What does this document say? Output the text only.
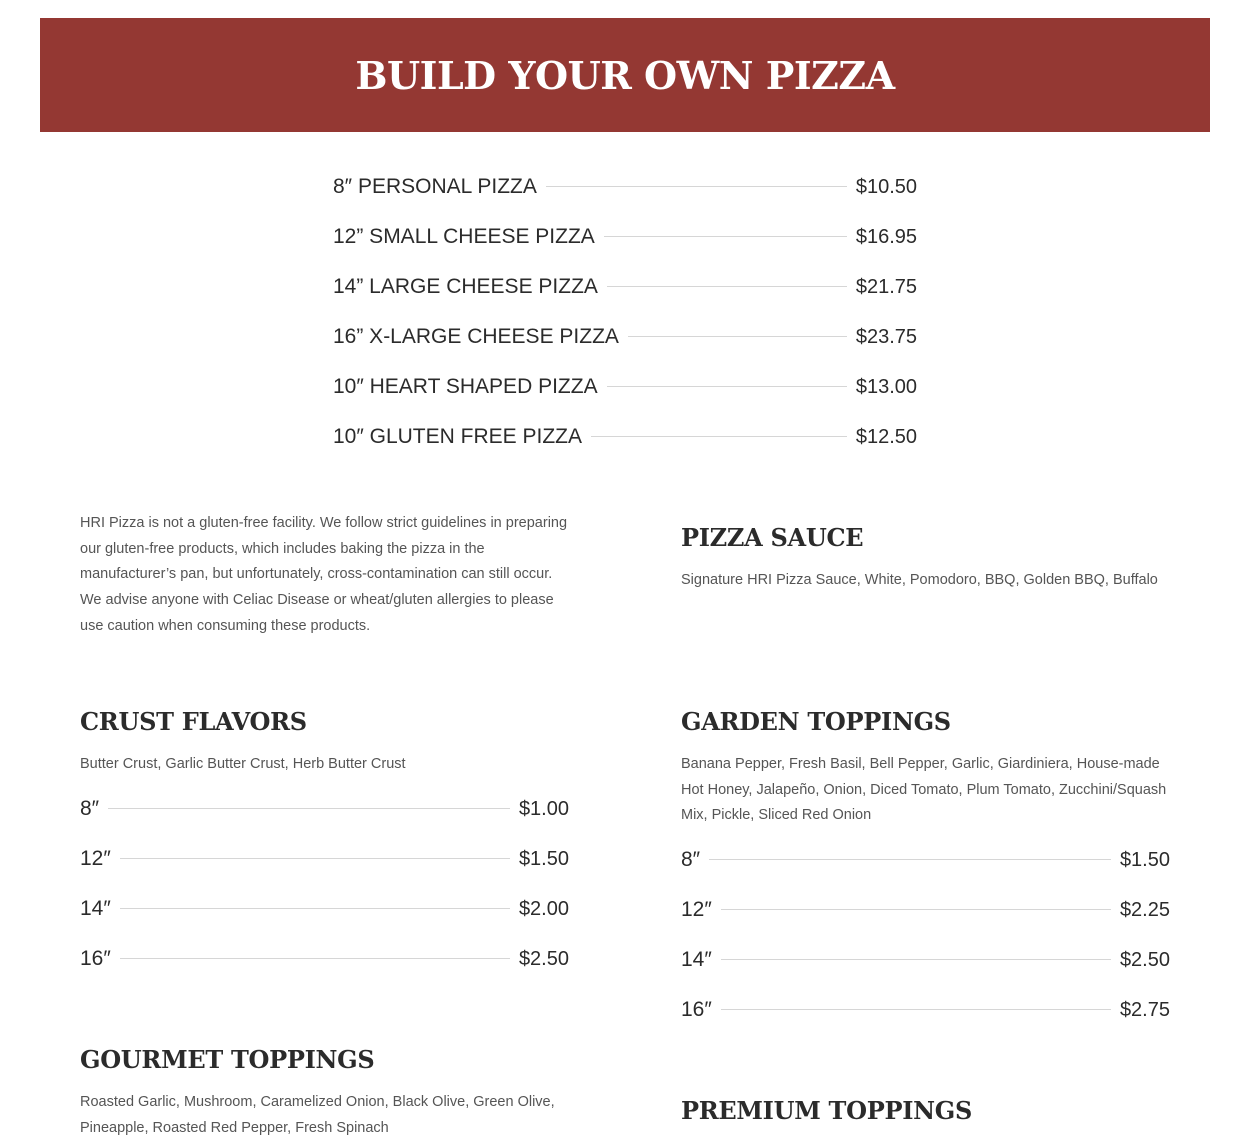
BUILD YOUR OWN PIZZA
8″ PERSONAL PIZZA	$10.50
12” SMALL CHEESE PIZZA	$16.95
14” LARGE CHEESE PIZZA	$21.75
16” X-LARGE CHEESE PIZZA	$23.75
10″ HEART SHAPED PIZZA	$13.00
10″ GLUTEN FREE PIZZA	$12.50

HRI Pizza is not a gluten-free facility. We follow strict guidelines in preparing our gluten-free products, which includes baking the pizza in the manufacturer’s pan, but unfortunately, cross-contamination can still occur. We advise anyone with Celiac Disease or wheat/gluten allergies to please use caution when consuming these products.

PIZZA SAUCE

Signature HRI Pizza Sauce, White, Pomodoro, BBQ, Golden BBQ, Buffalo

CRUST FLAVORS

Butter Crust, Garlic Butter Crust, Herb Butter Crust

8″	$1.00
12″	$1.50
14″	$2.00
16″	$2.50
GARDEN TOPPINGS

Banana Pepper, Fresh Basil, Bell Pepper, Garlic, Giardiniera, House-made Hot Honey, Jalapeño, Onion, Diced Tomato, Plum Tomato, Zucchini/Squash Mix, Pickle, Sliced Red Onion

8″	$1.50
12″	$2.25
14″	$2.50
16″	$2.75
GOURMET TOPPINGS

Roasted Garlic, Mushroom, Caramelized Onion, Black Olive, Green Olive, Pineapple, Roasted Red Pepper, Fresh Spinach

PREMIUM TOPPINGS
